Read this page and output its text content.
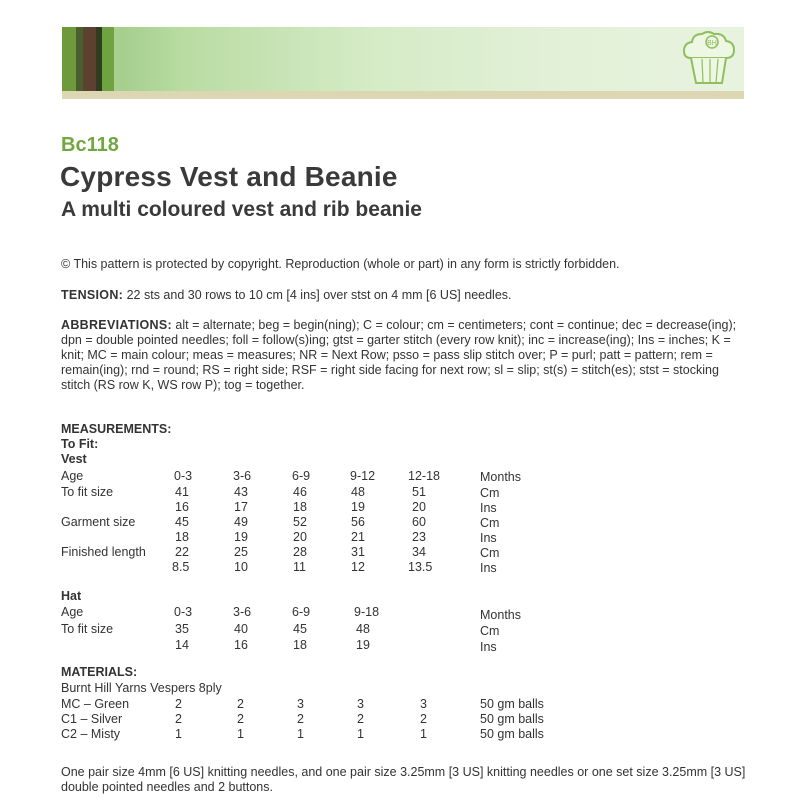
BH
Bc118
Cypress Vest and Beanie
A multi coloured vest and rib beanie
© This pattern is protected by copyright. Reproduction (whole or part) in any form is strictly forbidden.
TENSION: 22 sts and 30 rows to 10 cm [4 ins] over stst on 4 mm [6 US] needles.
ABBREVIATIONS: alt = alternate; beg = begin(ning); C = colour; cm = centimeters; cont = continue; dec = decrease(ing); dpn = double pointed needles; foll = follow(s)ing; gtst = garter stitch (every row knit); inc = increase(ing); Ins = inches; K = knit; MC = main colour; meas = measures; NR = Next Row; psso = pass slip stitch over; P = purl; patt = pattern; rem = remain(ing); rnd = round; RS = right side; RSF = right side facing for next row; sl = slip; st(s) = stitch(es); stst = stocking stitch (RS row K, WS row P); tog = together.
MEASUREMENTS:
To Fit:
Vest
Age	0-3	3-6	6-9	9-12	12-18	Months
To fit size	41	43	46	48	51	Cm
16	17	18	19	20	Ins
Garment size	45	49	52	56	60	Cm
18	19	20	21	23	Ins
Finished length 22	25	28	31	34	Cm
8.5	10	11	12	13.5	Ins
Hat
Age	0-3	3-6	6-9	9-18	Months
To fit size	35	40	45	48	Cm
14	16	18	19	Ins
MATERIALS:
Burnt Hill Yarns Vespers 8ply
MC – Green	2	2	3	3	3	50 gm balls
C1 – Silver	2	2	2	2	2	50 gm balls
C2 – Misty	1	1	1	1	1	50 gm balls
One pair size 4mm [6 US] knitting needles, and one pair size 3.25mm [3 US] knitting needles or one set size 3.25mm [3 US] double pointed needles and 2 buttons.
